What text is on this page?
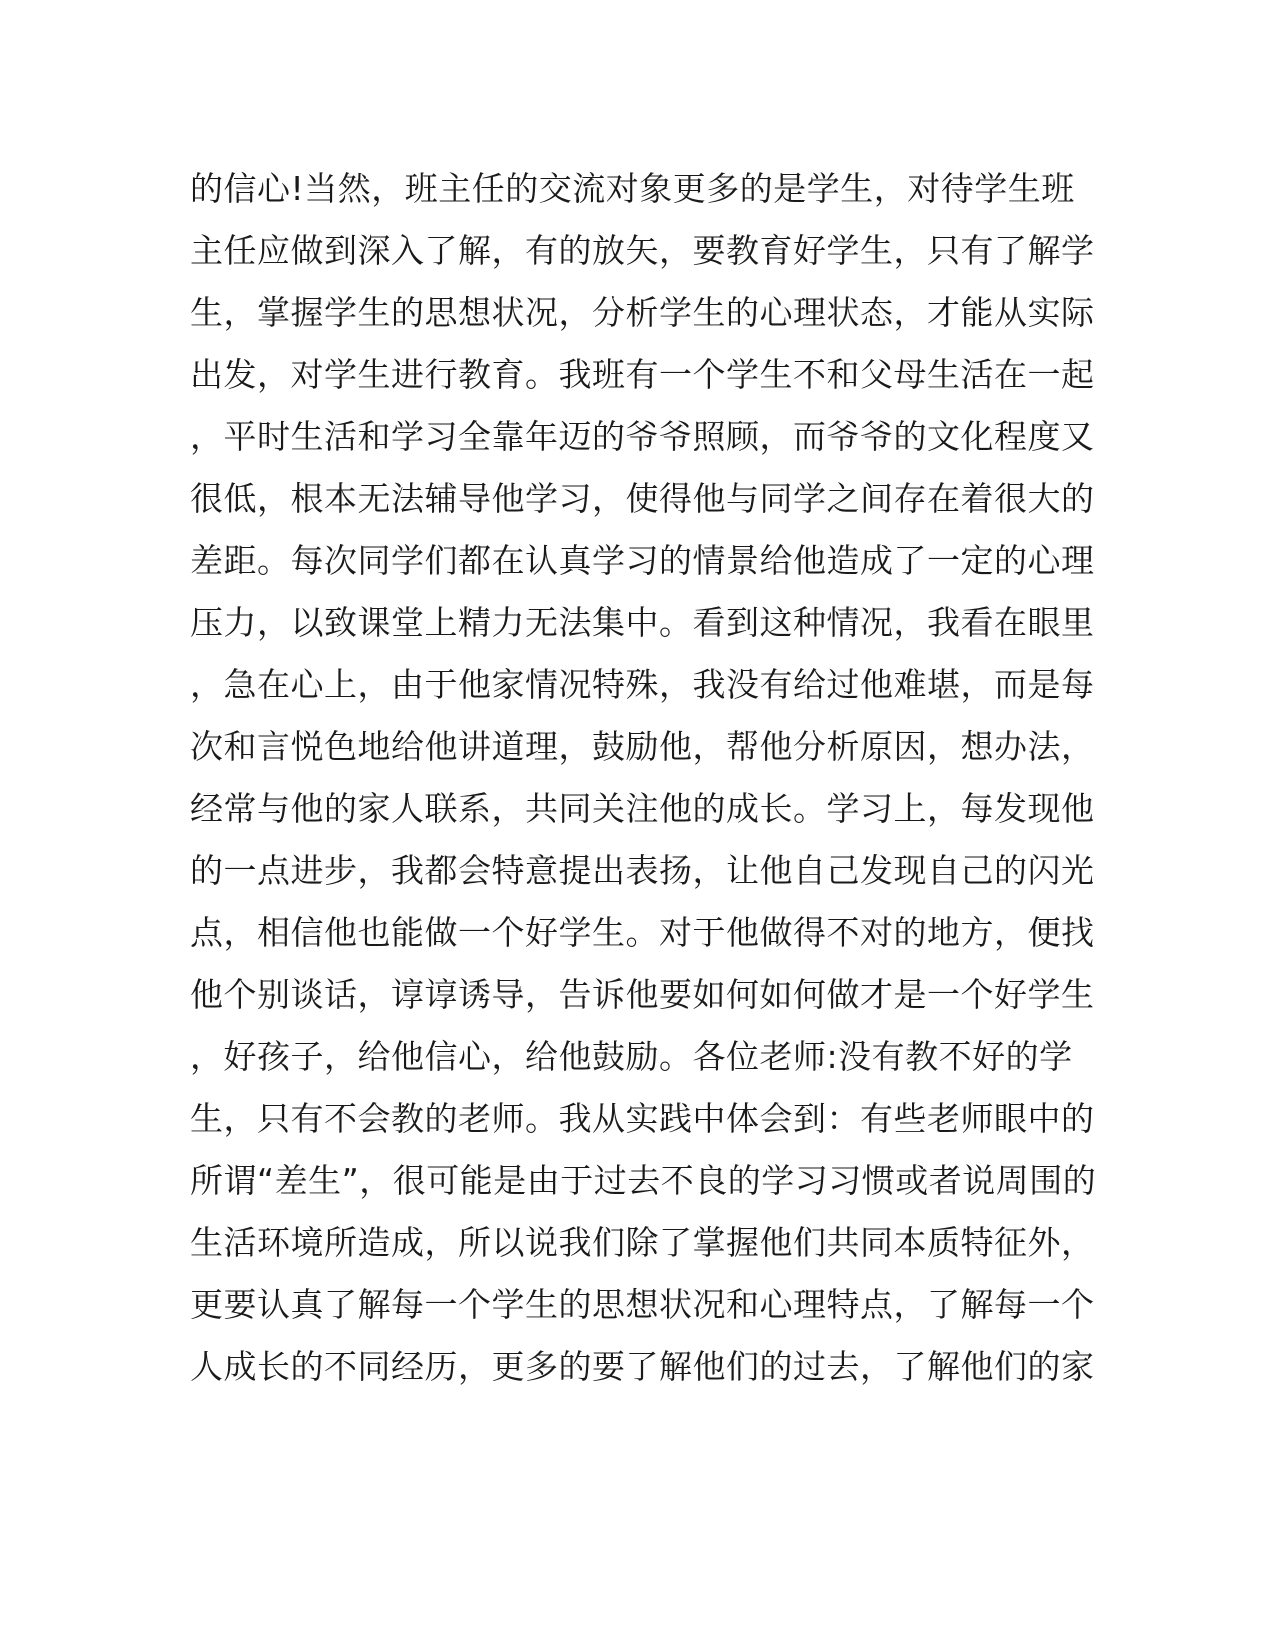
的信心!当然，班主任的交流对象更多的是学生，对待学生班
主任应做到深入了解，有的放矢，要教育好学生，只有了解学
生，掌握学生的思想状况，分析学生的心理状态，才能从实际
出发，对学生进行教育。我班有一个学生不和父母生活在一起
，平时生活和学习全靠年迈的爷爷照顾，而爷爷的文化程度又
很低，根本无法辅导他学习，使得他与同学之间存在着很大的
差距。每次同学们都在认真学习的情景给他造成了一定的心理
压力，以致课堂上精力无法集中。看到这种情况，我看在眼里
，急在心上，由于他家情况特殊，我没有给过他难堪，而是每
次和言悦色地给他讲道理，鼓励他，帮他分析原因，想办法，
经常与他的家人联系，共同关注他的成长。学习上，每发现他
的一点进步，我都会特意提出表扬，让他自己发现自己的闪光
点，相信他也能做一个好学生。对于他做得不对的地方，便找
他个别谈话，谆谆诱导，告诉他要如何如何做才是一个好学生
，好孩子，给他信心，给他鼓励。各位老师:没有教不好的学
生，只有不会教的老师。我从实践中体会到：有些老师眼中的
所谓“差生”，很可能是由于过去不良的学习习惯或者说周围的
生活环境所造成，所以说我们除了掌握他们共同本质特征外，
更要认真了解每一个学生的思想状况和心理特点，了解每一个
人成长的不同经历，更多的要了解他们的过去，了解他们的家
